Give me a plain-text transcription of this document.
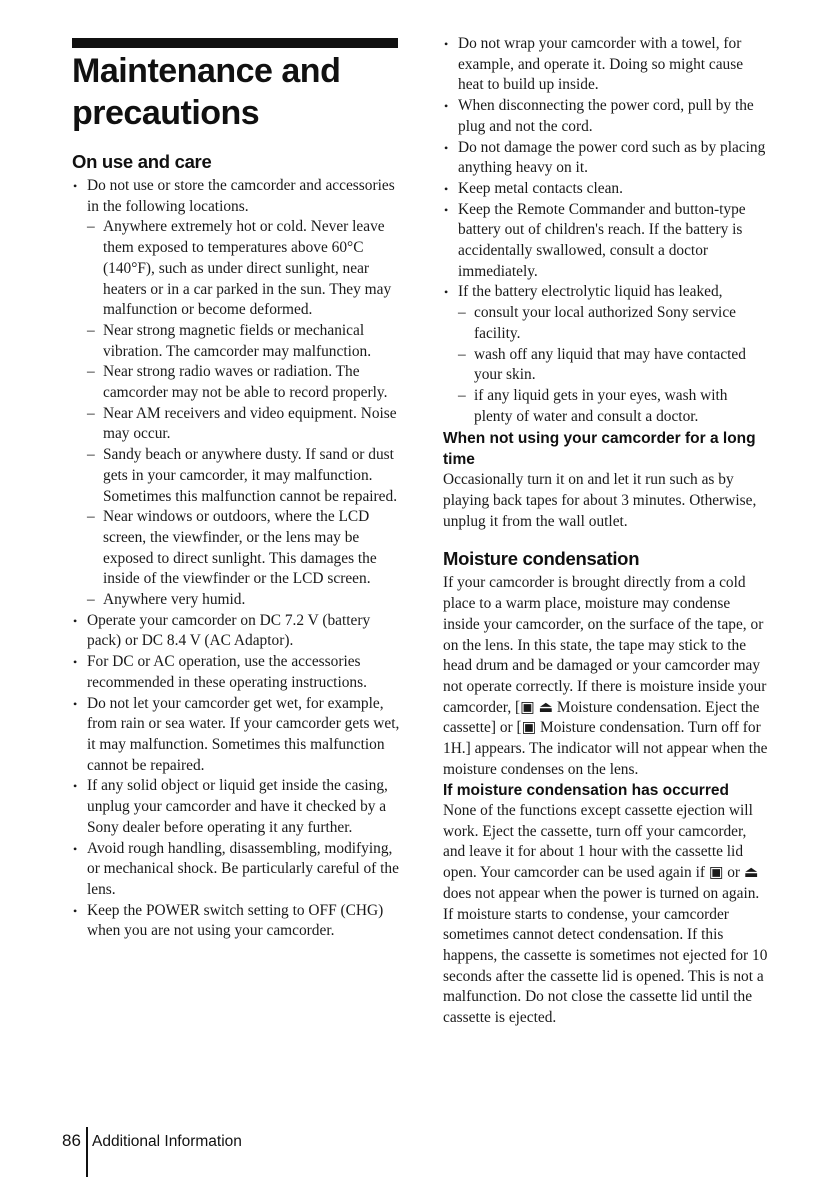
Maintenance and
precautions
On use and care
• Do not use or store the camcorder and accessories in the following locations.
– Anywhere extremely hot or cold. Never leave them exposed to temperatures above 60°C (140°F), such as under direct sunlight, near heaters or in a car parked in the sun. They may malfunction or become deformed.
– Near strong magnetic fields or mechanical vibration. The camcorder may malfunction.
– Near strong radio waves or radiation. The camcorder may not be able to record properly.
– Near AM receivers and video equipment. Noise may occur.
– Sandy beach or anywhere dusty. If sand or dust gets in your camcorder, it may malfunction. Sometimes this malfunction cannot be repaired.
– Near windows or outdoors, where the LCD screen, the viewfinder, or the lens may be exposed to direct sunlight. This damages the inside of the viewfinder or the LCD screen.
– Anywhere very humid.
• Operate your camcorder on DC 7.2 V (battery pack) or DC 8.4 V (AC Adaptor).
• For DC or AC operation, use the accessories recommended in these operating instructions.
• Do not let your camcorder get wet, for example, from rain or sea water. If your camcorder gets wet, it may malfunction. Sometimes this malfunction cannot be repaired.
• If any solid object or liquid get inside the casing, unplug your camcorder and have it checked by a Sony dealer before operating it any further.
• Avoid rough handling, disassembling, modifying, or mechanical shock. Be particularly careful of the lens.
• Keep the POWER switch setting to OFF (CHG) when you are not using your camcorder.
• Do not wrap your camcorder with a towel, for example, and operate it. Doing so might cause heat to build up inside.
• When disconnecting the power cord, pull by the plug and not the cord.
• Do not damage the power cord such as by placing anything heavy on it.
• Keep metal contacts clean.
• Keep the Remote Commander and button-type battery out of children's reach. If the battery is accidentally swallowed, consult a doctor immediately.
• If the battery electrolytic liquid has leaked,
– consult your local authorized Sony service facility.
– wash off any liquid that may have contacted your skin.
– if any liquid gets in your eyes, wash with plenty of water and consult a doctor.
When not using your camcorder for a long time

Occasionally turn it on and let it run such as by playing back tapes for about 3 minutes. Otherwise, unplug it from the wall outlet.

Moisture condensation

If your camcorder is brought directly from a cold place to a warm place, moisture may condense inside your camcorder, on the surface of the tape, or on the lens. In this state, the tape may stick to the head drum and be damaged or your camcorder may not operate correctly. If there is moisture inside your camcorder, [▣ ⏏ Moisture condensation. Eject the cassette] or [▣ Moisture condensation. Turn off for 1H.] appears. The indicator will not appear when the moisture condenses on the lens.

If moisture condensation has occurred

None of the functions except cassette ejection will work. Eject the cassette, turn off your camcorder, and leave it for about 1 hour with the cassette lid open. Your camcorder can be used again if ▣ or ⏏ does not appear when the power is turned on again.

If moisture starts to condense, your camcorder sometimes cannot detect condensation. If this happens, the cassette is sometimes not ejected for 10 seconds after the cassette lid is opened. This is not a malfunction. Do not close the cassette lid until the cassette is ejected.

86 Additional Information
